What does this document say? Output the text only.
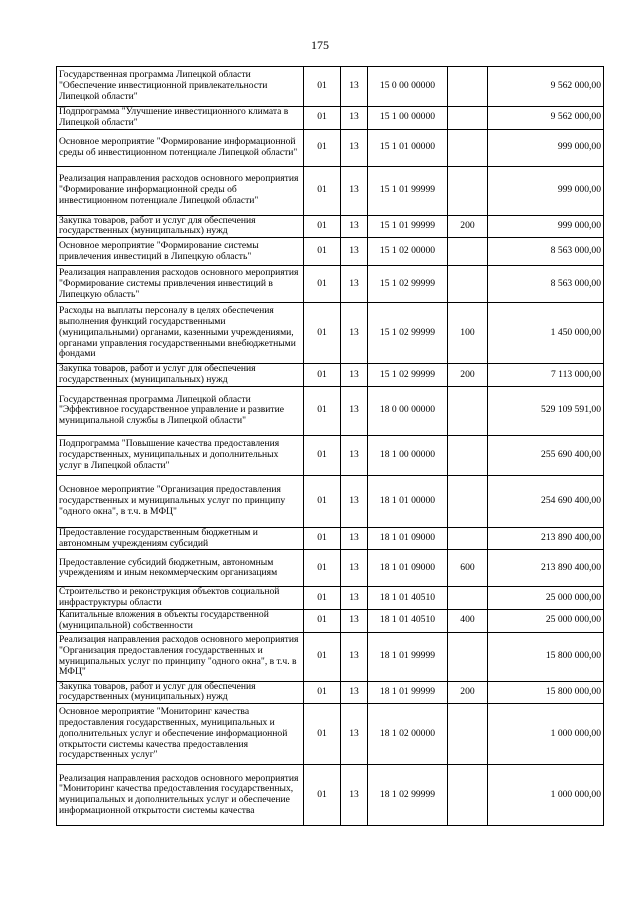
175
Государственная программа Липецкой области "Обеспечение инвестиционной привлекательности Липецкой области"	01	13	15 0 00 00000		9 562 000,00
Подпрограмма "Улучшение инвестиционного климата в Липецкой области"	01	13	15 1 00 00000		9 562 000,00
Основное мероприятие "Формирование информационной среды об инвестиционном потенциале Липецкой области"	01	13	15 1 01 00000		999 000,00
Реализация направления расходов основного мероприятия "Формирование информационной среды об инвестиционном потенциале Липецкой области"	01	13	15 1 01 99999		999 000,00
Закупка товаров, работ и услуг для обеспечения государственных (муниципальных) нужд	01	13	15 1 01 99999	200	999 000,00
Основное мероприятие "Формирование системы привлечения инвестиций в Липецкую область"	01	13	15 1 02 00000		8 563 000,00
Реализация направления расходов основного мероприятия "Формирование системы привлечения инвестиций в Липецкую область"	01	13	15 1 02 99999		8 563 000,00
Расходы на выплаты персоналу в целях обеспечения выполнения функций государственными (муниципальными) органами, казенными учреждениями, органами управления государственными внебюджетными фондами	01	13	15 1 02 99999	100	1 450 000,00
Закупка товаров, работ и услуг для обеспечения государственных (муниципальных) нужд	01	13	15 1 02 99999	200	7 113 000,00
Государственная программа Липецкой области "Эффективное государственное управление и развитие муниципальной службы в Липецкой области"	01	13	18 0 00 00000		529 109 591,00
Подпрограмма "Повышение качества предоставления государственных, муниципальных и дополнительных услуг в Липецкой области"	01	13	18 1 00 00000		255 690 400,00
Основное мероприятие "Организация предоставления государственных и муниципальных услуг по принципу "одного окна", в т.ч. в МФЦ"	01	13	18 1 01 00000		254 690 400,00
Предоставление государственным бюджетным и автономным учреждениям субсидий	01	13	18 1 01 09000		213 890 400,00
Предоставление субсидий бюджетным, автономным учреждениям и иным некоммерческим организациям	01	13	18 1 01 09000	600	213 890 400,00
Строительство и реконструкция объектов социальной инфраструктуры области	01	13	18 1 01 40510		25 000 000,00
Капитальные вложения в объекты государственной (муниципальной) собственности	01	13	18 1 01 40510	400	25 000 000,00
Реализация направления расходов основного мероприятия "Организация предоставления государственных и муниципальных услуг по принципу "одного окна", в т.ч. в МФЦ"	01	13	18 1 01 99999		15 800 000,00
Закупка товаров, работ и услуг для обеспечения государственных (муниципальных) нужд	01	13	18 1 01 99999	200	15 800 000,00
Основное мероприятие "Мониторинг качества предоставления государственных, муниципальных и дополнительных услуг и обеспечение информационной открытости системы качества предоставления государственных услуг"	01	13	18 1 02 00000		1 000 000,00
Реализация направления расходов основного мероприятия "Мониторинг качества предоставления государственных, муниципальных и дополнительных услуг и обеспечение информационной открытости системы качества	01	13	18 1 02 99999		1 000 000,00
